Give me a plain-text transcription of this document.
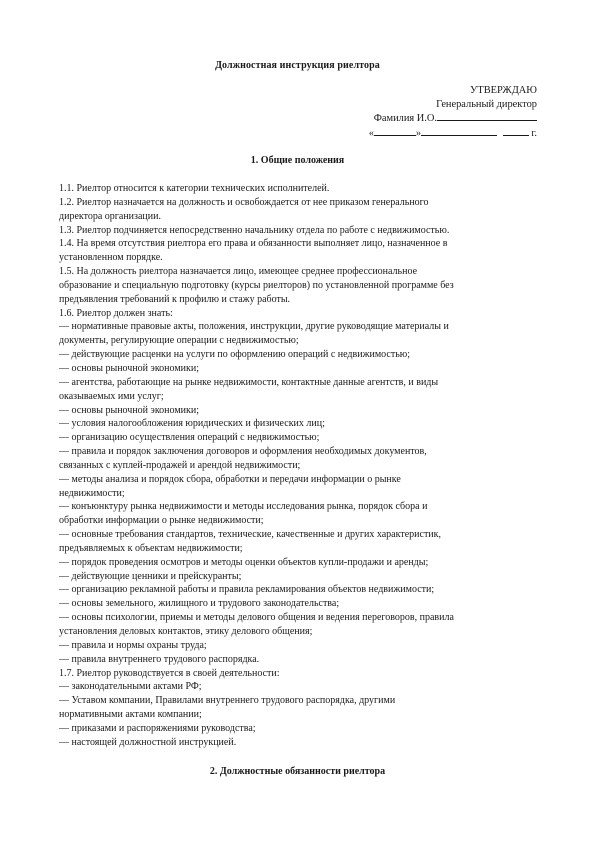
Должностная инструкция риелтора
УТВЕРЖДАЮ
Генеральный директор
Фамилия И.О.
«	»	г.
1. Общие положения

1.1. Риелтор относится к категории технических исполнителей.

1.2. Риелтор назначается на должность и освобождается от нее приказом генерального

директора организации.

1.3. Риелтор подчиняется непосредственно начальнику отдела по работе с недвижимостью.

1.4. На время отсутствия риелтора его права и обязанности выполняет лицо, назначенное в

установленном порядке.

1.5. На должность риелтора назначается лицо, имеющее среднее профессиональное

образование и специальную подготовку (курсы риелторов) по установленной программе без

предъявления требований к профилю и стажу работы.

1.6. Риелтор должен знать:

— нормативные правовые акты, положения, инструкции, другие руководящие материалы и

документы, регулирующие операции с недвижимостью;

— действующие расценки на услуги по оформлению операций с недвижимостью;

— основы рыночной экономики;

— агентства, работающие на рынке недвижимости, контактные данные агентств, и виды

оказываемых ими услуг;

— основы рыночной экономики;

— условия налогообложения юридических и физических лиц;

— организацию осуществления операций с недвижимостью;

— правила и порядок заключения договоров и оформления необходимых документов,

связанных с куплей-продажей и арендой недвижимости;

— методы анализа и порядок сбора, обработки и передачи информации о рынке

недвижимости;

— конъюнктуру рынка недвижимости и методы исследования рынка, порядок сбора и

обработки информации о рынке недвижимости;

— основные требования стандартов, технические, качественные и других характеристик,

предъявляемых к объектам недвижимости;

— порядок проведения осмотров и методы оценки объектов купли-продажи и аренды;

— действующие ценники и прейскуранты;

— организацию рекламной работы и правила рекламирования объектов недвижимости;

— основы земельного, жилищного и трудового законодательства;

— основы психологии, приемы и методы делового общения и ведения переговоров, правила

установления деловых контактов, этику делового общения;

— правила и нормы охраны труда;

— правила внутреннего трудового распорядка.

1.7. Риелтор руководствуется в своей деятельности:

— законодательными актами РФ;

— Уставом компании, Правилами внутреннего трудового распорядка, другими

нормативными актами компании;

— приказами и распоряжениями руководства;

— настоящей должностной инструкцией.

2. Должностные обязанности риелтора
